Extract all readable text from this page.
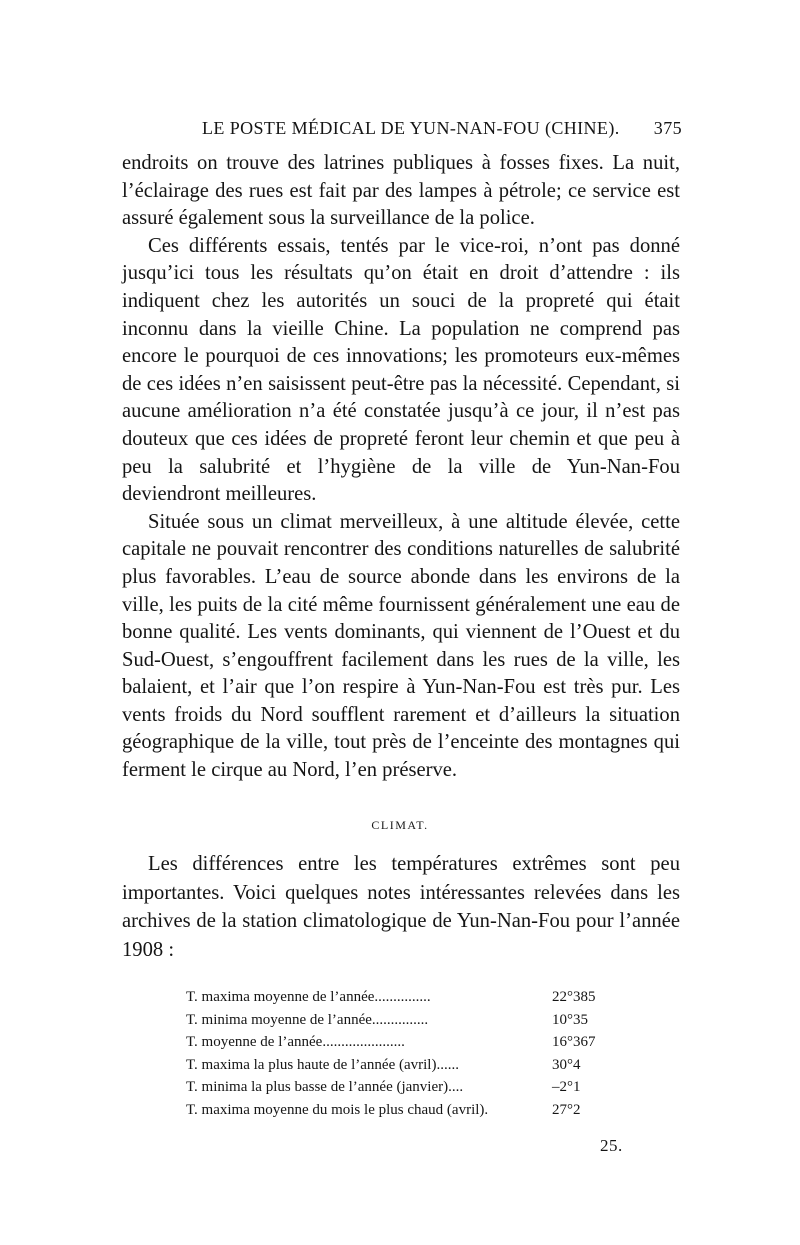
LE POSTE MÉDICAL DE YUN-NAN-FOU (CHINE). 375

endroits on trouve des latrines publiques à fosses fixes. La nuit, l’éclairage des rues est fait par des lampes à pétrole; ce service est assuré également sous la surveillance de la police.

Ces différents essais, tentés par le vice-roi, n’ont pas donné jusqu’ici tous les résultats qu’on était en droit d’attendre : ils indiquent chez les autorités un souci de la propreté qui était inconnu dans la vieille Chine. La population ne comprend pas encore le pourquoi de ces innovations; les promoteurs eux-mêmes de ces idées n’en saisissent peut-être pas la nécessité. Cependant, si aucune amélioration n’a été constatée jusqu’à ce jour, il n’est pas douteux que ces idées de propreté feront leur chemin et que peu à peu la salubrité et l’hygiène de la ville de Yun-Nan-Fou deviendront meilleures.

Située sous un climat merveilleux, à une altitude élevée, cette capitale ne pouvait rencontrer des conditions naturelles de salubrité plus favorables. L’eau de source abonde dans les environs de la ville, les puits de la cité même fournissent généralement une eau de bonne qualité. Les vents dominants, qui viennent de l’Ouest et du Sud-Ouest, s’engouffrent facilement dans les rues de la ville, les balaient, et l’air que l’on respire à Yun-Nan-Fou est très pur. Les vents froids du Nord soufflent rarement et d’ailleurs la situation géographique de la ville, tout près de l’enceinte des montagnes qui ferment le cirque au Nord, l’en préserve.

CLIMAT.

Les différences entre les températures extrêmes sont peu importantes. Voici quelques notes intéressantes relevées dans les archives de la station climatologique de Yun-Nan-Fou pour l’année 1908 :

T. maxima moyenne de l’année...............	22°385
T. minima moyenne de l’année...............	10°35
T. moyenne de l’année......................	16°367
T. maxima la plus haute de l’année (avril)......	30°4
T. minima la plus basse de l’année (janvier)....	–2°1
T. maxima moyenne du mois le plus chaud (avril).	27°2
25.
